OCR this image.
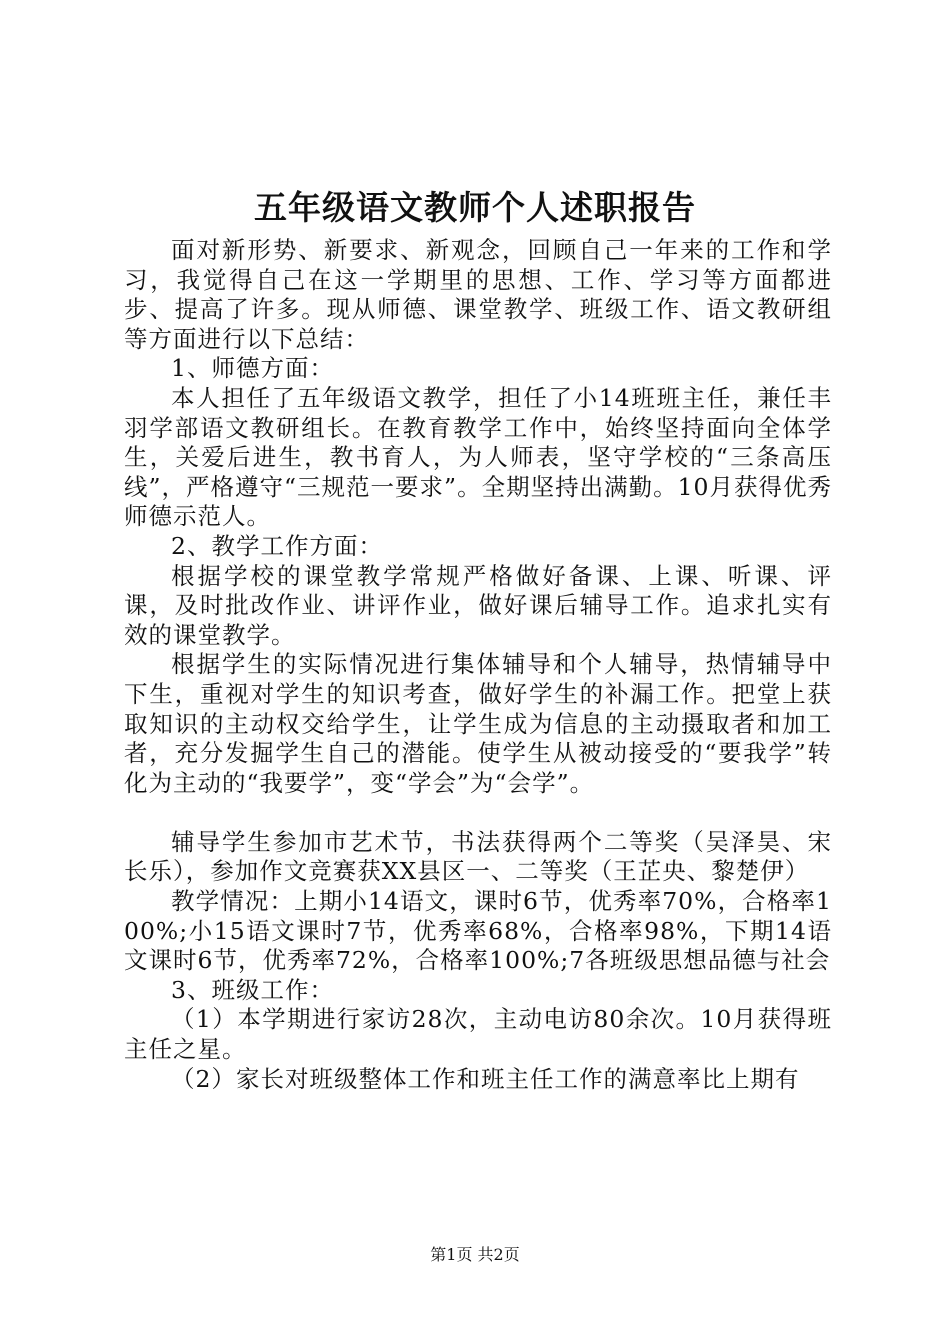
五年级语文教师个人述职报告

面对新形势、新要求、新观念，回顾自己一年来的工作和学习，我觉得自己在这一学期里的思想、工作、学习等方面都进步、提高了许多。现从师德、课堂教学、班级工作、语文教研组等方面进行以下总结：

1、师德方面：

本人担任了五年级语文教学，担任了小14班班主任，兼任丰羽学部语文教研组长。在教育教学工作中，始终坚持面向全体学生，关爱后进生，教书育人，为人师表，坚守学校的“三条高压线”，严格遵守“三规范一要求”。全期坚持出满勤。10月获得优秀师德示范人。

2、教学工作方面：

根据学校的课堂教学常规严格做好备课、上课、听课、评课，及时批改作业、讲评作业，做好课后辅导工作。追求扎实有效的课堂教学。

根据学生的实际情况进行集体辅导和个人辅导，热情辅导中下生，重视对学生的知识考查，做好学生的补漏工作。把堂上获取知识的主动权交给学生，让学生成为信息的主动摄取者和加工者，充分发掘学生自己的潜能。使学生从被动接受的“要我学”转化为主动的“我要学”，变“学会”为“会学”。

辅导学生参加市艺术节，书法获得两个二等奖（吴泽昊、宋长乐），参加作文竞赛获XX县区一、二等奖（王芷央、黎楚伊）

教学情况：上期小14语文，课时6节，优秀率70%，合格率100%;小15语文课时7节，优秀率68%，合格率98%，下期14语文课时6节，优秀率72%，合格率100%;7各班级思想品德与社会

3、班级工作：

（1）本学期进行家访28次，主动电访80余次。10月获得班主任之星。

（2）家长对班级整体工作和班主任工作的满意率比上期有

第1页 共2页
